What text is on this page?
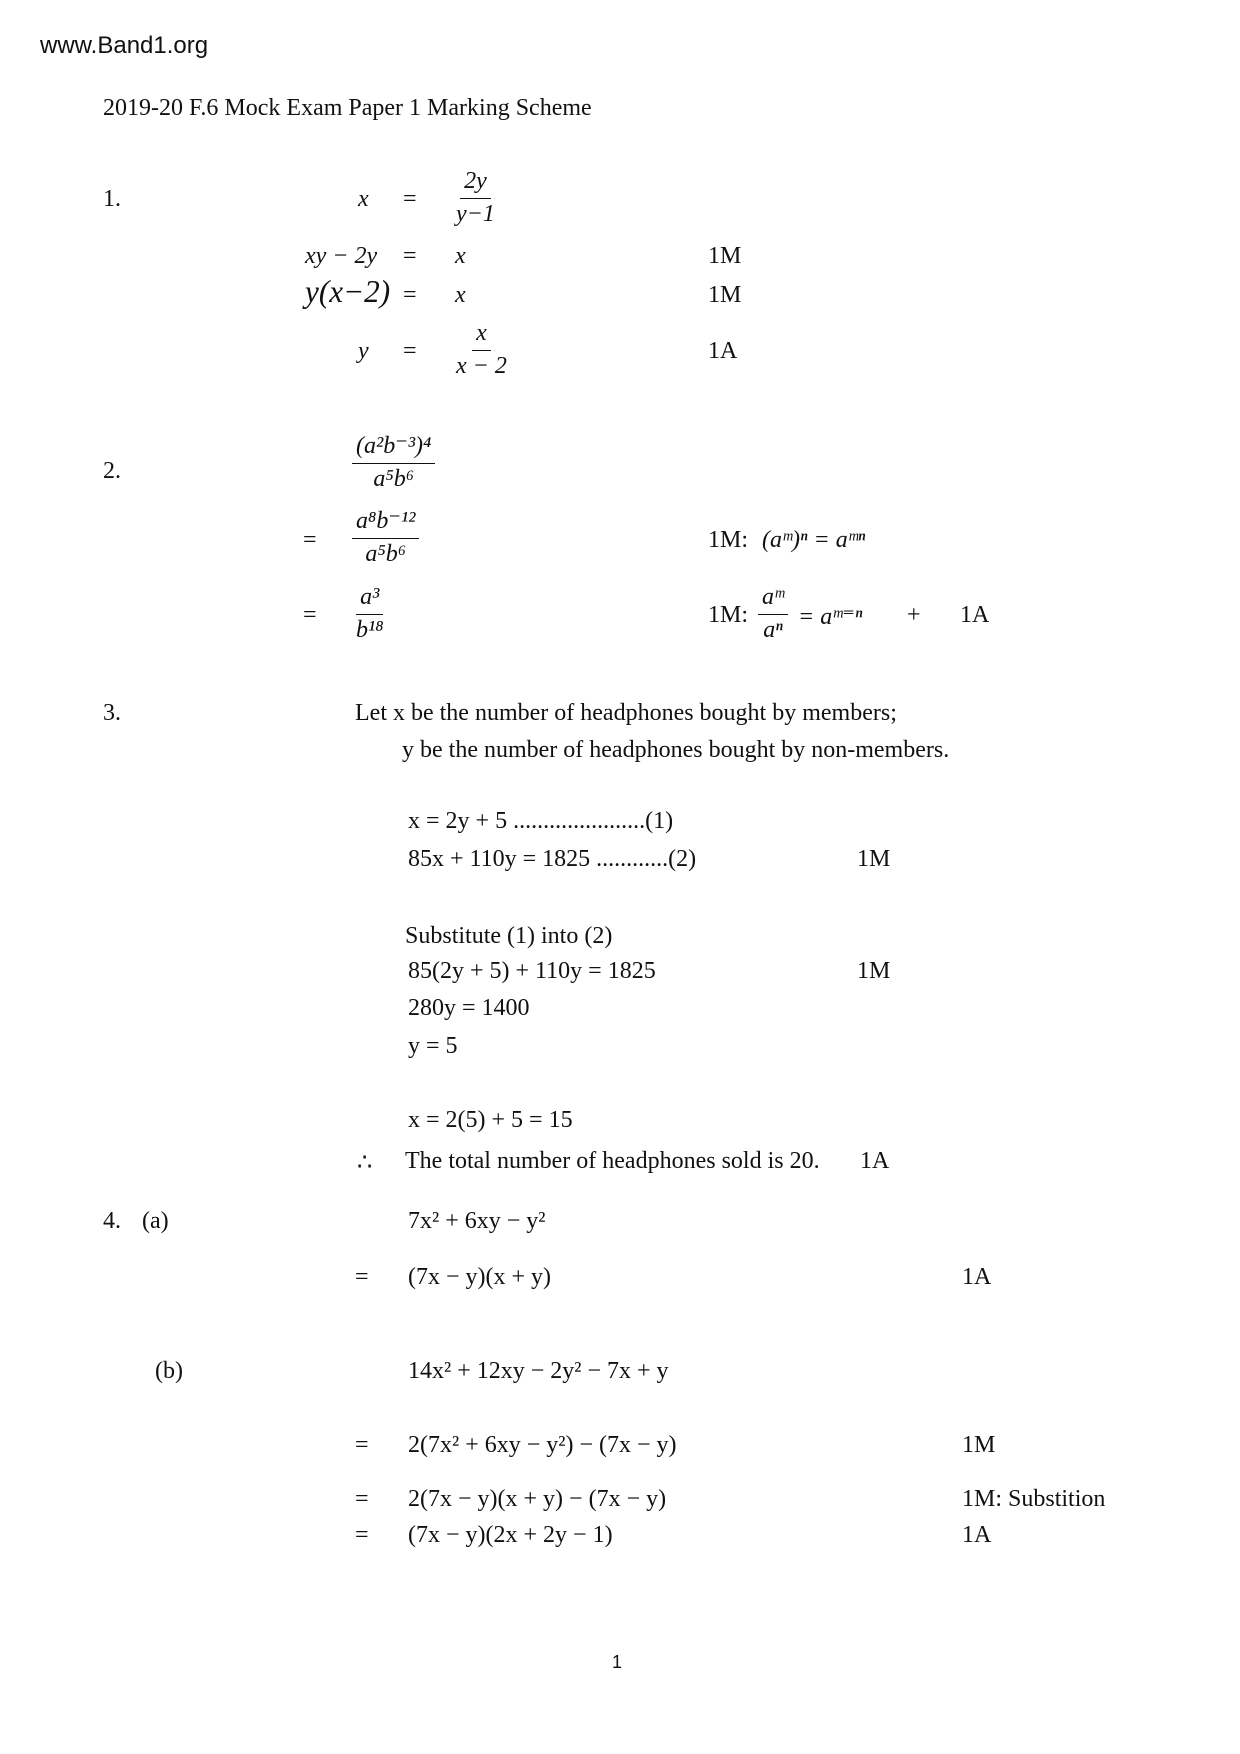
www.Band1.org
2019-20 F.6 Mock Exam Paper 1 Marking Scheme
1.	$x = \frac{2y}{y-1}$
xy − 2y = x	1M
y(x−2) = x	1M
$y = \frac{x}{x - 2}$	1A
2.	$\frac{\text{(a²b⁻³)⁴}}{\text{a⁵b⁶}}$
= $\frac{\text{a⁸b⁻¹²}}{\text{a⁵b⁶}}$	1M: (aᵐ)ⁿ = aᵐⁿ
= $\frac{\text{a³}}{\text{b¹⁸}}$	1M: $\frac{\text{aᵐ}}{\text{aⁿ}}$ = aᵐ⁼ⁿ + 1A
3.	Let x be the number of headphones bought by members;
y be the number of headphones bought by non-members.
x = 2y + 5 ......................(1)
85x + 110y = 1825 ............(2)	1M
Substitute (1) into (2)
85(2y + 5) + 110y = 1825	1M
280y = 1400
y = 5
x = 2(5) + 5 = 15
∴ The total number of headphones sold is 20. 1A
4. (a)	7x² + 6xy − y²
= (7x − y)(x + y)	1A
(b)	14x² + 12xy − 2y² − 7x + y
= 2(7x² + 6xy − y²) − (7x − y)	1M
= 2(7x − y)(x + y) − (7x − y)	1M: Substition
= (7x − y)(2x + 2y − 1)	1A
1
